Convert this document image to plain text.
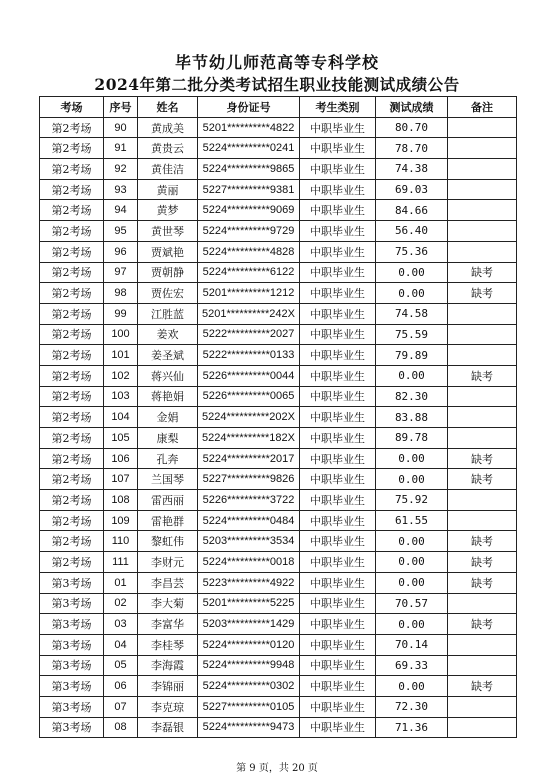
毕节幼儿师范高等专科学校
2024年第二批分类考试招生职业技能测试成绩公告
考场	序号	姓名	身份证号	考生类别	测试成绩	备注
第2考场	90	黄成美	5201**********4822	中职毕业生	80.70	
第2考场	91	黄贵云	5224**********0241	中职毕业生	78.70	
第2考场	92	黄佳洁	5224**********9865	中职毕业生	74.38	
第2考场	93	黄丽	5227**********9381	中职毕业生	69.03	
第2考场	94	黄梦	5224**********9069	中职毕业生	84.66	
第2考场	95	黄世琴	5224**********9729	中职毕业生	56.40	
第2考场	96	贾斌艳	5224**********4828	中职毕业生	75.36	
第2考场	97	贾朝静	5224**********6122	中职毕业生	0.00	缺考
第2考场	98	贾佐宏	5201**********1212	中职毕业生	0.00	缺考
第2考场	99	江胜蓝	5201**********242X	中职毕业生	74.58	
第2考场	100	姜欢	5222**********2027	中职毕业生	75.59	
第2考场	101	姜圣斌	5222**********0133	中职毕业生	79.89	
第2考场	102	蒋兴仙	5226**********0044	中职毕业生	0.00	缺考
第2考场	103	蒋艳娟	5226**********0065	中职毕业生	82.30	
第2考场	104	金娟	5224**********202X	中职毕业生	83.88	
第2考场	105	康梨	5224**********182X	中职毕业生	89.78	
第2考场	106	孔奔	5224**********2017	中职毕业生	0.00	缺考
第2考场	107	兰国琴	5227**********9826	中职毕业生	0.00	缺考
第2考场	108	雷西丽	5226**********3722	中职毕业生	75.92	
第2考场	109	雷艳群	5224**********0484	中职毕业生	61.55	
第2考场	110	黎虹伟	5203**********3534	中职毕业生	0.00	缺考
第2考场	111	李财元	5224**********0018	中职毕业生	0.00	缺考
第3考场	01	李昌芸	5223**********4922	中职毕业生	0.00	缺考
第3考场	02	李大菊	5201**********5225	中职毕业生	70.57	
第3考场	03	李富华	5203**********1429	中职毕业生	0.00	缺考
第3考场	04	李桂琴	5224**********0120	中职毕业生	70.14	
第3考场	05	李海霞	5224**********9948	中职毕业生	69.33	
第3考场	06	李锦丽	5224**********0302	中职毕业生	0.00	缺考
第3考场	07	李克琼	5227**********0105	中职毕业生	72.30	
第3考场	08	李磊银	5224**********9473	中职毕业生	71.36	
第 9 页，共 20 页
